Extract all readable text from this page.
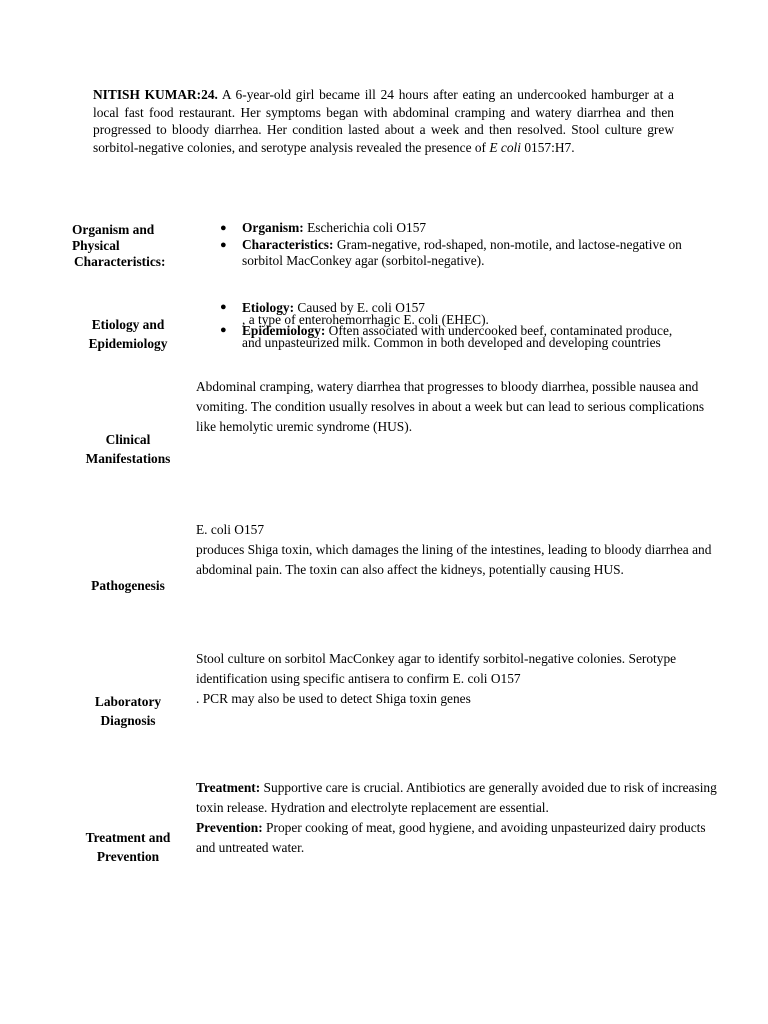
NITISH KUMAR:24. A 6-year-old girl became ill 24 hours after eating an undercooked hamburger at a local fast food restaurant. Her symptoms began with abdominal cramping and watery diarrhea and then progressed to bloody diarrhea. Her condition lasted about a week and then resolved. Stool culture grew sorbitol-negative colonies, and serotype analysis revealed the presence of E coli 0157:H7.
Organism and
Physical
Characteristics:
● Organism: Escherichia coli O157
● Characteristics: Gram-negative, rod-shaped, non-motile, and lactose-negative on sorbitol MacConkey agar (sorbitol-negative).
Etiology and
Epidemiology
● Etiology: Caused by E. coli O157
, a type of enterohemorrhagic E. coli (EHEC).
● Epidemiology: Often associated with undercooked beef, contaminated produce, and unpasteurized milk. Common in both developed and developing countries
Clinical
Manifestations

Abdominal cramping, watery diarrhea that progresses to bloody diarrhea, possible nausea and vomiting. The condition usually resolves in about a week but can lead to serious complications like hemolytic uremic syndrome (HUS).

Pathogenesis

E. coli O157

produces Shiga toxin, which damages the lining of the intestines, leading to bloody diarrhea and abdominal pain. The toxin can also affect the kidneys, potentially causing HUS.

Laboratory
Diagnosis

Stool culture on sorbitol MacConkey agar to identify sorbitol-negative colonies. Serotype identification using specific antisera to confirm E. coli O157

. PCR may also be used to detect Shiga toxin genes

Treatment and
Prevention

Treatment: Supportive care is crucial. Antibiotics are generally avoided due to risk of increasing toxin release. Hydration and electrolyte replacement are essential.

Prevention: Proper cooking of meat, good hygiene, and avoiding unpasteurized dairy products and untreated water.
